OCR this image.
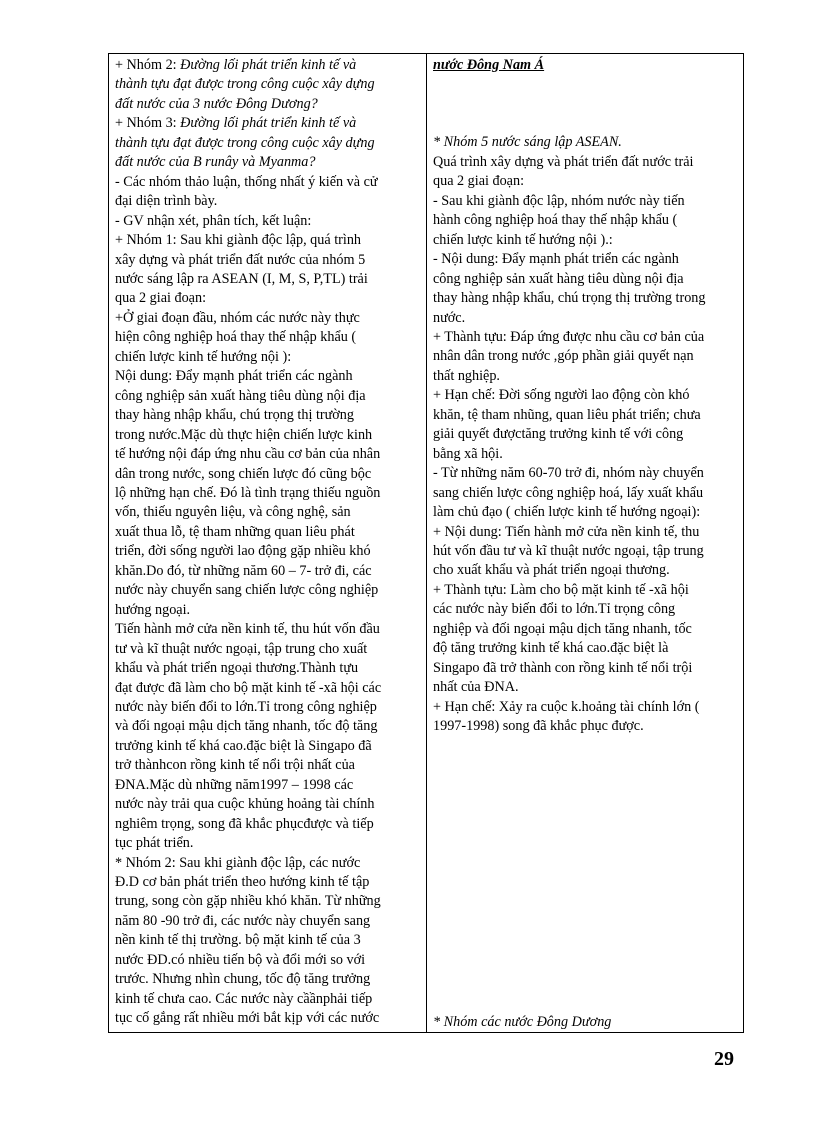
+ Nhóm 2: Đường lối phát triển kinh tế và
thành tựu đạt được trong công cuộc xây dựng
đất nước của 3 nước Đông Dương?
+ Nhóm 3: Đường lối phát triển kinh tế và
thành tựu đạt được trong công cuộc xây dựng
đất nước của B runây và Myanma?
- Các nhóm thảo luận, thống nhất ý kiến và cử
đại diện trình bày.
- GV nhận xét, phân tích, kết luận:
+ Nhóm 1: Sau khi giành độc lập, quá trình
xây dựng và phát triển đất nước của nhóm 5
nước sáng lập ra ASEAN (I, M, S, P,TL) trải
qua 2 giai đoạn:
+Ở giai đoạn đầu, nhóm các nước này thực
hiện công nghiệp hoá thay thế nhập khẩu (
chiến lược kinh tế hướng nội ):
Nội dung: Đẩy mạnh phát triển các ngành
công nghiệp sản xuất hàng tiêu dùng nội địa
thay hàng nhập khẩu, chú trọng thị trường
trong nước.Mặc dù thực hiện chiến lược kinh
tế hướng nội đáp ứng nhu cầu cơ bản của nhân
dân trong nước, song chiến lược đó cũng bộc
lộ những hạn chế. Đó là tình trạng thiếu nguồn
vốn, thiếu nguyên liệu, và công nghệ, sản
xuất thua lỗ, tệ tham những quan liêu phát
triển, đời sống người lao động gặp nhiều khó
khăn.Do đó, từ những năm 60 – 7- trở đi, các
nước này chuyển sang chiến lược công nghiệp
hướng ngoại.
Tiến hành mở cửa nền kinh tế, thu hút vốn đầu
tư và kĩ thuật nước ngoại, tập trung cho xuất
khẩu và phát triển ngoại thương.Thành tựu
đạt được đã làm cho bộ mặt kinh tế -xã hội các
nước này biến đổi to lớn.Tỉ trong công nghiệp
và đối ngoại mậu dịch tăng nhanh, tốc độ tăng
trưởng kinh tế khá cao.đặc biệt là Singapo đã
trở thànhcon rồng kinh tế nổi trội nhất của
ĐNA.Mặc dù những năm1997 – 1998 các
nước này trải qua cuộc khủng hoảng tài chính
nghiêm trọng, song đã khắc phụcđược và tiếp
tục phát triển.
* Nhóm 2: Sau khi giành độc lập, các nước
Đ.D cơ bản phát triển theo hướng kinh tế tập
trung, song còn gặp nhiều khó khăn. Từ những
năm 80 -90 trở đi, các nước này chuyển sang
nền kinh tế thị trường. bộ mặt kinh tế của 3
nước ĐD.có nhiều tiến bộ và đổi mới so với
trước. Nhưng nhìn chung, tốc độ tăng trưởng
kinh tế chưa cao. Các nước này cầầnphải tiếp
tục cố gắng rất nhiều mới bắt kịp với các nước
nước Đông Nam Á
* Nhóm 5 nước sáng lập ASEAN.
Quá trình xây dựng và phát triển đất nước trải
qua 2 giai đoạn:
- Sau khi giành độc lập, nhóm nước này tiến
hành công nghiệp hoá thay thế nhập khẩu (
chiến lược kinh tế hướng nội ).:
- Nội dung: Đẩy mạnh phát triển các ngành
công nghiệp sản xuất hàng tiêu dùng nội địa
thay hàng nhập khẩu, chú trọng thị trường trong
nước.
+ Thành tựu: Đáp ứng được nhu cầu cơ bản của
nhân dân trong nước ,góp phần giải quyết nạn
thất nghiệp.
+ Hạn chế: Đời sống người lao động còn khó
khăn, tệ tham nhũng, quan liêu phát triển; chưa
giải quyết đượctăng trưởng kinh tế với công
bằng xã hội.
- Từ những năm 60-70 trở đi, nhóm này chuyển
sang chiến lược công nghiệp hoá, lấy xuất khẩu
làm chủ đạo ( chiến lược kinh tế hướng ngoại):
+ Nội dung: Tiến hành mở cửa nền kinh tế, thu
hút vốn đầu tư và kĩ thuật nước ngoại, tập trung
cho xuất khẩu và phát triển ngoại thương.
+ Thành tựu: Làm cho bộ mặt kinh tế -xã hội
các nước này biến đổi to lớn.Tỉ trọng công
nghiệp và đối ngoại mậu dịch tăng nhanh, tốc
độ tăng trưởng kinh tế khá cao.đặc biệt là
Singapo đã trở thành con rồng kinh tế nổi trội
nhất của ĐNA.
+ Hạn chế: Xảy ra cuộc k.hoảng tài chính lớn (
1997-1998) song đã khắc phục được.
* Nhóm các nước Đông Dương
29
